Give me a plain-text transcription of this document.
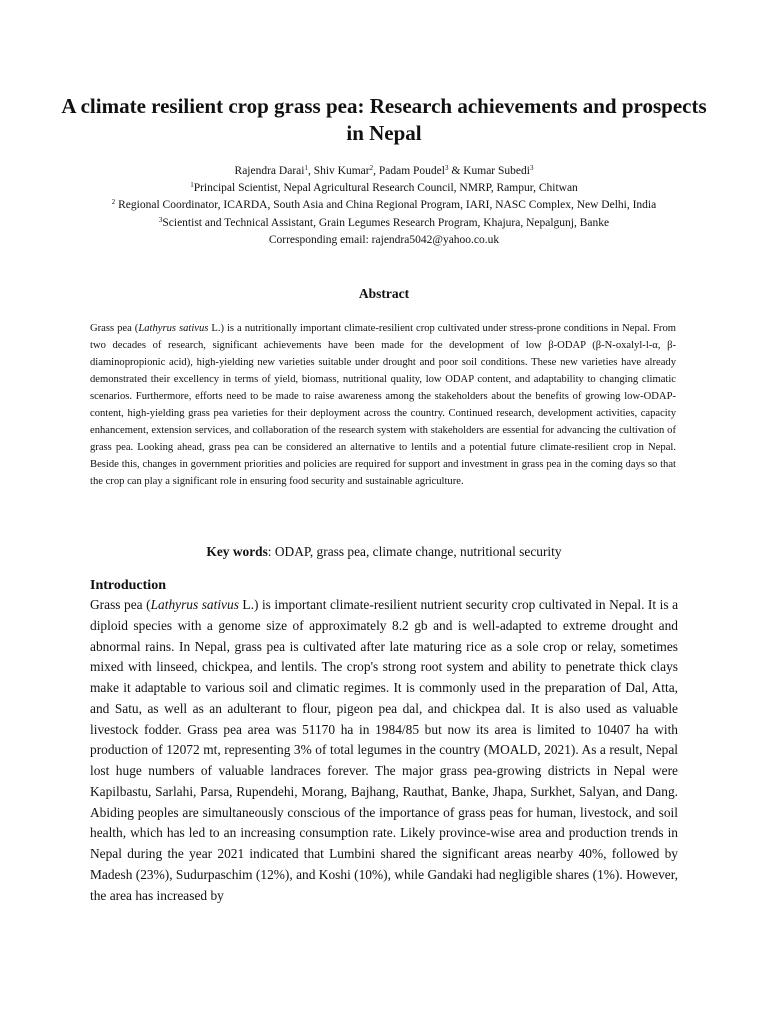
A climate resilient crop grass pea: Research achievements and prospects in Nepal
Rajendra Darai$^1$, Shiv Kumar$^2$, Padam Poudel$^3$ & Kumar Subedi$^3$
$^1$Principal Scientist, Nepal Agricultural Research Council, NMRP, Rampur, Chitwan
$^2$ Regional Coordinator, ICARDA, South Asia and China Regional Program, IARI, NASC Complex, New Delhi, India
$^3$Scientist and Technical Assistant, Grain Legumes Research Program, Khajura, Nepalgunj, Banke
Corresponding email: rajendra5042@yahoo.co.uk
Abstract
Grass pea (Lathyrus sativus L.) is a nutritionally important climate-resilient crop cultivated under stress-prone conditions in Nepal. From two decades of research, significant achievements have been made for the development of low β-ODAP (β-N-oxalyl-l-α, β-diaminopropionic acid), high-yielding new varieties suitable under drought and poor soil conditions. These new varieties have already demonstrated their excellency in terms of yield, biomass, nutritional quality, low ODAP content, and adaptability to changing climatic scenarios. Furthermore, efforts need to be made to raise awareness among the stakeholders about the benefits of growing low-ODAP-content, high-yielding grass pea varieties for their deployment across the country. Continued research, development activities, capacity enhancement, extension services, and collaboration of the research system with stakeholders are essential for advancing the cultivation of grass pea. Looking ahead, grass pea can be considered an alternative to lentils and a potential future climate-resilient crop in Nepal. Beside this, changes in government priorities and policies are required for support and investment in grass pea in the coming days so that the crop can play a significant role in ensuring food security and sustainable agriculture.
Key words: ODAP, grass pea, climate change, nutritional security
Introduction
Grass pea (Lathyrus sativus L.) is important climate-resilient nutrient security crop cultivated in Nepal. It is a diploid species with a genome size of approximately 8.2 gb and is well-adapted to extreme drought and abnormal rains. In Nepal, grass pea is cultivated after late maturing rice as a sole crop or relay, sometimes mixed with linseed, chickpea, and lentils. The crop's strong root system and ability to penetrate thick clays make it adaptable to various soil and climatic regimes. It is commonly used in the preparation of Dal, Atta, and Satu, as well as an adulterant to flour, pigeon pea dal, and chickpea dal. It is also used as valuable livestock fodder. Grass pea area was 51170 ha in 1984/85 but now its area is limited to 10407 ha with production of 12072 mt, representing 3% of total legumes in the country (MOALD, 2021). As a result, Nepal lost huge numbers of valuable landraces forever. The major grass pea-growing districts in Nepal were Kapilbastu, Sarlahi, Parsa, Rupendehi, Morang, Bajhang, Rauthat, Banke, Jhapa, Surkhet, Salyan, and Dang. Abiding peoples are simultaneously conscious of the importance of grass peas for human, livestock, and soil health, which has led to an increasing consumption rate. Likely province-wise area and production trends in Nepal during the year 2021 indicated that Lumbini shared the significant areas nearby 40%, followed by Madesh (23%), Sudurpaschim (12%), and Koshi (10%), while Gandaki had negligible shares (1%). However, the area has increased by
